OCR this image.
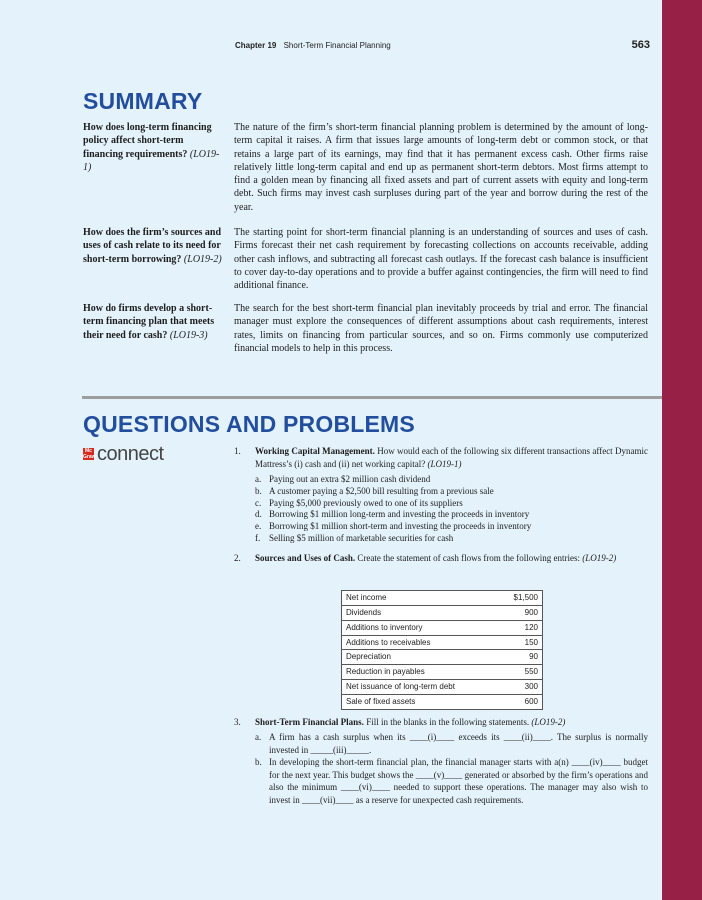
Chapter 19 Short-Term Financial Planning	563
SUMMARY
How does long-term financing policy affect short-term financing requirements? (LO19-1)
The nature of the firm’s short-term financial planning problem is determined by the amount of long-term capital it raises. A firm that issues large amounts of long-term debt or common stock, or that retains a large part of its earnings, may find that it has permanent excess cash. Other firms raise relatively little long-term capital and end up as permanent short-term debtors. Most firms attempt to find a golden mean by financing all fixed assets and part of current assets with equity and long-term debt. Such firms may invest cash surpluses during part of the year and borrow during the rest of the year.
How does the firm’s sources and uses of cash relate to its need for short-term borrowing? (LO19-2)
The starting point for short-term financial planning is an understanding of sources and uses of cash. Firms forecast their net cash requirement by forecasting collections on accounts receivable, adding other cash inflows, and subtracting all forecast cash outlays. If the forecast cash balance is insufficient to cover day-to-day operations and to provide a buffer against contingencies, the firm will need to find additional finance.
How do firms develop a short-term financing plan that meets their need for cash? (LO19-3)
The search for the best short-term financial plan inevitably proceeds by trial and error. The financial manager must explore the consequences of different assumptions about cash requirements, interest rates, limits on financing from particular sources, and so on. Firms commonly use computerized financial models to help in this process.
QUESTIONS AND PROBLEMS
Mc
Graw connect	1. Working Capital Management. How would each of the following six different transactions affect Dynamic Mattress’s (i) cash and (ii) net working capital? (LO19-1)
a. Paying out an extra $2 million cash dividend
b. A customer paying a $2,500 bill resulting from a previous sale
c. Paying $5,000 previously owed to one of its suppliers
d. Borrowing $1 million long-term and investing the proceeds in inventory
e. Borrowing $1 million short-term and investing the proceeds in inventory
f. Selling $5 million of marketable securities for cash
2. Sources and Uses of Cash. Create the statement of cash flows from the following entries: (LO19-2)
Net income	$1,500
Dividends	900
Additions to inventory	120
Additions to receivables	150
Depreciation	90
Reduction in payables	550
Net issuance of long-term debt	300
Sale of fixed assets	600
3. Short-Term Financial Plans. Fill in the blanks in the following statements. (LO19-2)
a. A firm has a cash surplus when its ____(i)____ exceeds its ____(ii)____. The surplus is normally invested in _____(iii)_____.
b. In developing the short-term financial plan, the financial manager starts with a(n) ____(iv)____ budget for the next year. This budget shows the ____(v)____ generated or absorbed by the firm’s operations and also the minimum ____(vi)____ needed to support these operations. The manager may also wish to invest in ____(vii)____ as a reserve for unexpected cash requirements.
